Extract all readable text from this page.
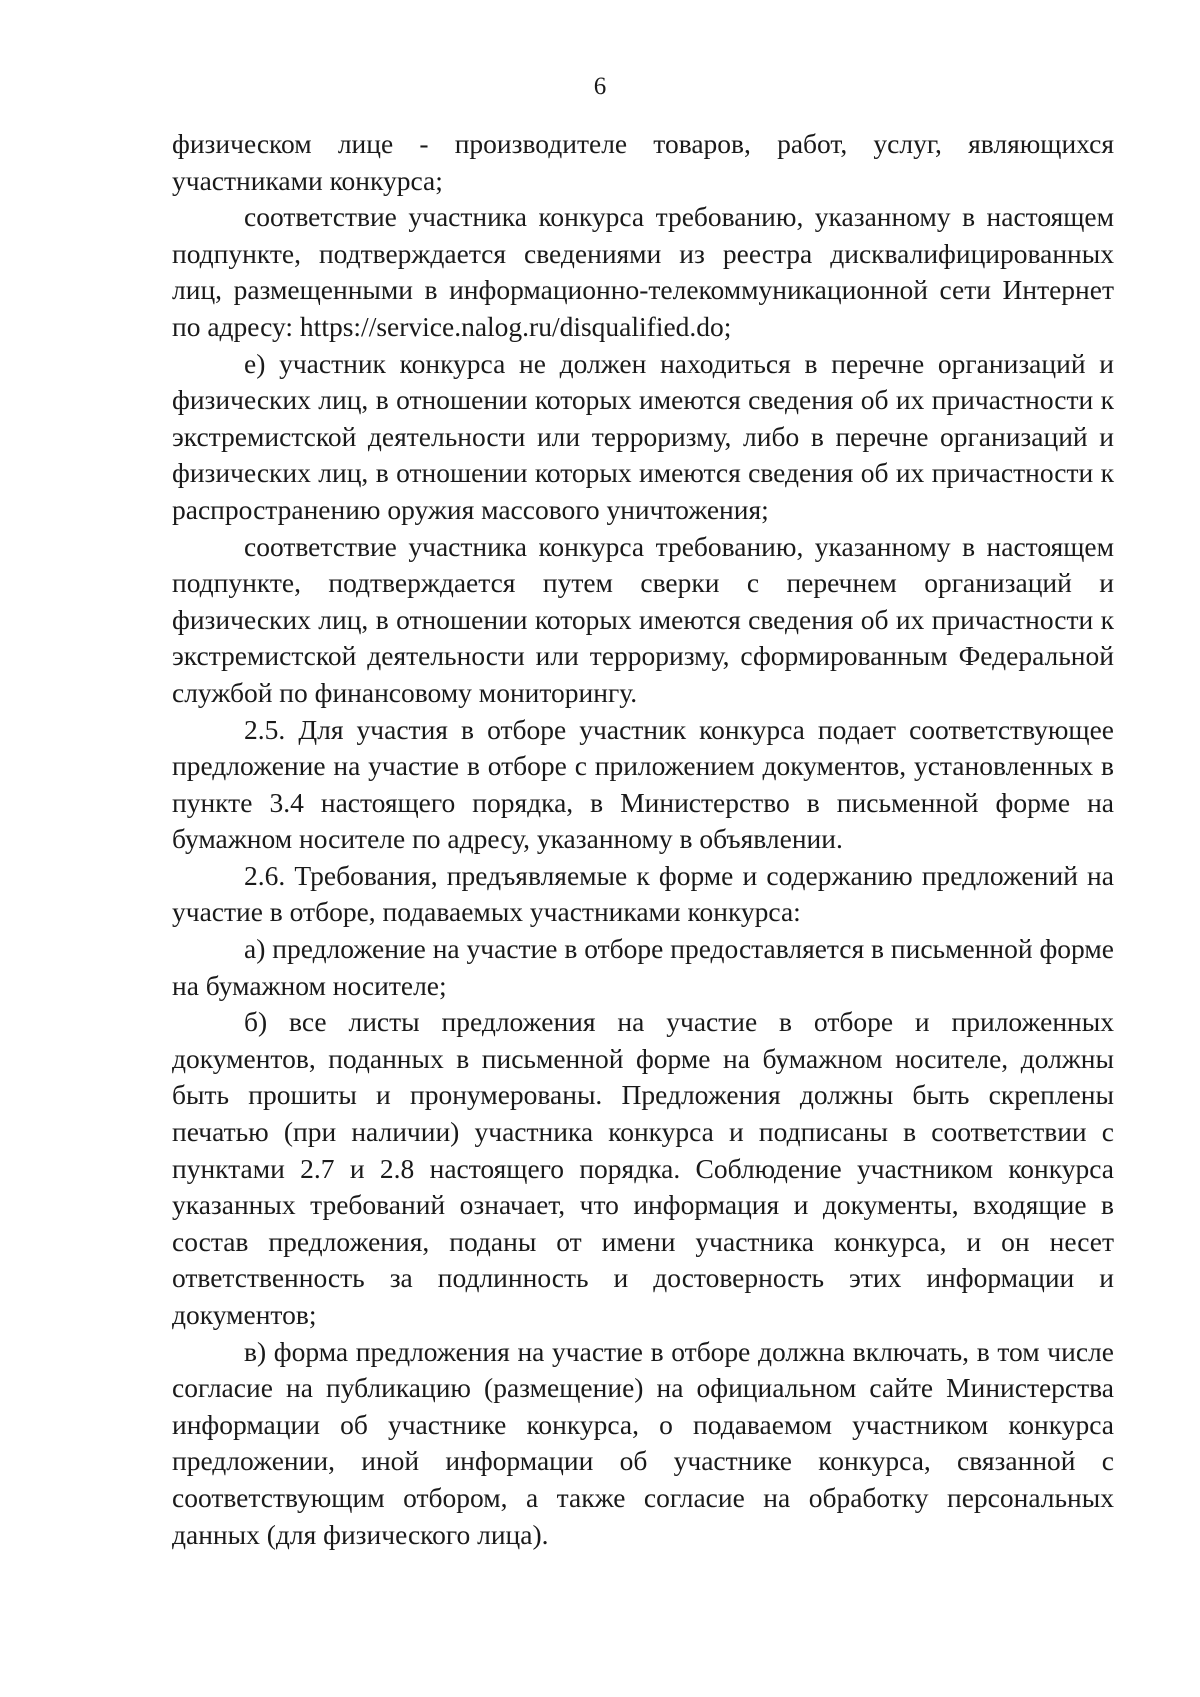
6

физическом лице - производителе товаров, работ, услуг, являющихся участниками конкурса;

соответствие участника конкурса требованию, указанному в настоящем подпункте, подтверждается сведениями из реестра дисквалифицированных лиц, размещенными в информационно-телекоммуникационной сети Интернет по адресу: https://service.nalog.ru/disqualified.do;

е) участник конкурса не должен находиться в перечне организаций и физических лиц, в отношении которых имеются сведения об их причастности к экстремистской деятельности или терроризму, либо в перечне организаций и физических лиц, в отношении которых имеются сведения об их причастности к распространению оружия массового уничтожения;

соответствие участника конкурса требованию, указанному в настоящем подпункте, подтверждается путем сверки с перечнем организаций и физических лиц, в отношении которых имеются сведения об их причастности к экстремистской деятельности или терроризму, сформированным Федеральной службой по финансовому мониторингу.

2.5. Для участия в отборе участник конкурса подает соответствующее предложение на участие в отборе с приложением документов, установленных в пункте 3.4 настоящего порядка, в Министерство в письменной форме на бумажном носителе по адресу, указанному в объявлении.

2.6. Требования, предъявляемые к форме и содержанию предложений на участие в отборе, подаваемых участниками конкурса:

а) предложение на участие в отборе предоставляется в письменной форме на бумажном носителе;

б) все листы предложения на участие в отборе и приложенных документов, поданных в письменной форме на бумажном носителе, должны быть прошиты и пронумерованы. Предложения должны быть скреплены печатью (при наличии) участника конкурса и подписаны в соответствии с пунктами 2.7 и 2.8 настоящего порядка. Соблюдение участником конкурса указанных требований означает, что информация и документы, входящие в состав предложения, поданы от имени участника конкурса, и он несет ответственность за подлинность и достоверность этих информации и документов;

в) форма предложения на участие в отборе должна включать, в том числе согласие на публикацию (размещение) на официальном сайте Министерства информации об участнике конкурса, о подаваемом участником конкурса предложении, иной информации об участнике конкурса, связанной с соответствующим отбором, а также согласие на обработку персональных данных (для физического лица).
